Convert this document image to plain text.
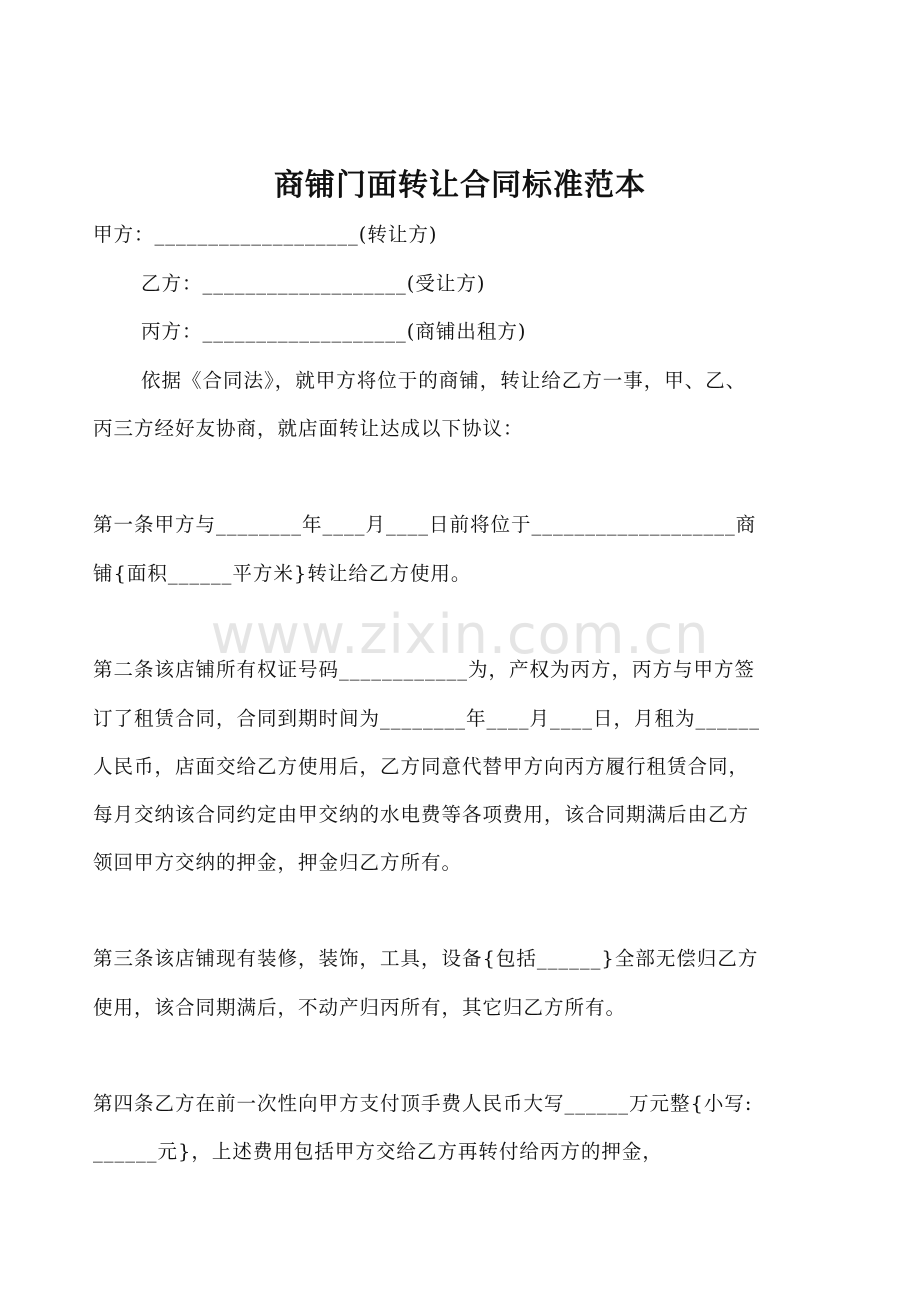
商铺门面转让合同标准范本
甲方：___________________(转让方)
乙方：___________________(受让方)
丙方：___________________(商铺出租方)
依据《合同法》，就甲方将位于的商铺，转让给乙方一事，甲、乙、
丙三方经好友协商，就店面转让达成以下协议：
第一条甲方与________年____月____日前将位于___________________商
铺{面积______平方米}转让给乙方使用。
www.zixin.com.cn
第二条该店铺所有权证号码____________为，产权为丙方，丙方与甲方签
订了租赁合同，合同到期时间为________年____月____日，月租为______
人民币，店面交给乙方使用后，乙方同意代替甲方向丙方履行租赁合同，
每月交纳该合同约定由甲交纳的水电费等各项费用，该合同期满后由乙方
领回甲方交纳的押金，押金归乙方所有。
第三条该店铺现有装修，装饰，工具，设备{包括______}全部无偿归乙方
使用，该合同期满后，不动产归丙所有，其它归乙方所有。
第四条乙方在前一次性向甲方支付顶手费人民币大写______万元整{小写:
______元}，上述费用包括甲方交给乙方再转付给丙方的押金，
